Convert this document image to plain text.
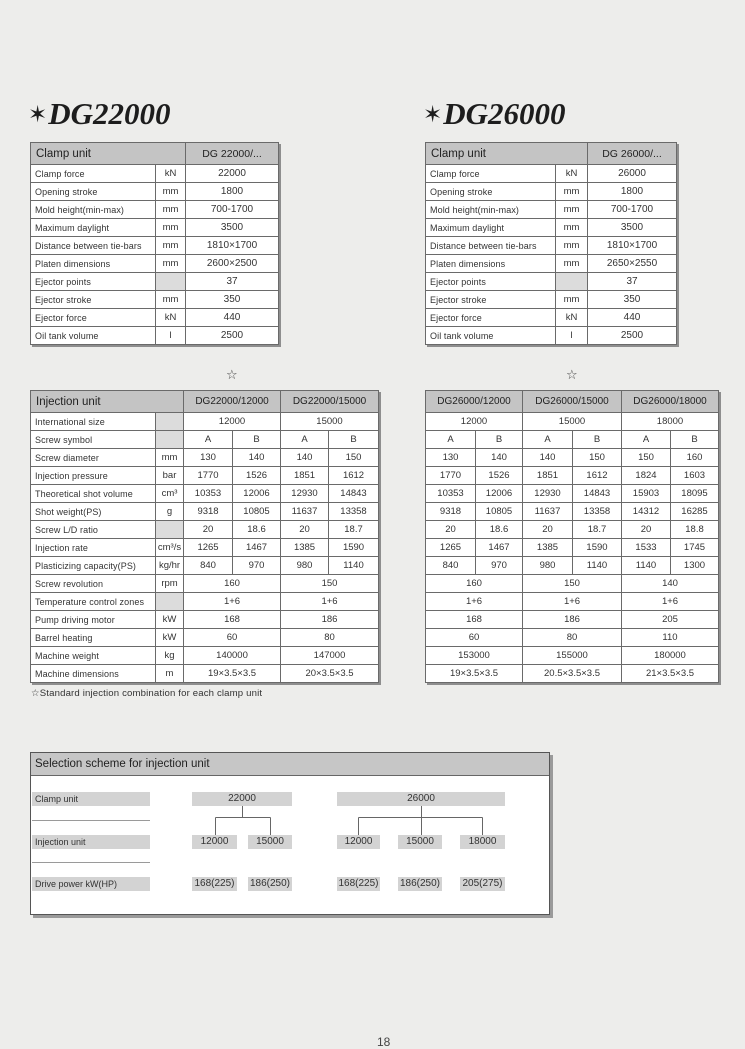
✶DG22000	✶DG26000
Clamp unit		DG 22000/...
Clamp force	kN	22000
Opening stroke	mm	1800
Mold height(min-max)	mm	700-1700
Maximum daylight	mm	3500
Distance between tie-bars	mm	1810×1700
Platen dimensions	mm	2600×2500
Ejector points		37
Ejector stroke	mm	350
Ejector force	kN	440
Oil tank volume	l	2500
Clamp unit		DG 26000/...
Clamp force	kN	26000
Opening stroke	mm	1800
Mold height(min-max)	mm	700-1700
Maximum daylight	mm	3500
Distance between tie-bars	mm	1810×1700
Platen dimensions	mm	2650×2550
Ejector points		37
Ejector stroke	mm	350
Ejector force	kN	440
Oil tank volume	l	2500
☆	☆
Injection unit		DG22000/12000		DG22000/15000	
International size		12000		15000	
Screw symbol		A	B	A	B
Screw diameter	mm	130	140	140	150
Injection pressure	bar	1770	1526	1851	1612
Theoretical shot volume	cm³	10353	12006	12930	14843
Shot weight(PS)	g	9318	10805	11637	13358
Screw L/D ratio		20	18.6	20	18.7
Injection rate	cm³/s	1265	1467	1385	1590
Plasticizing capacity(PS)	kg/hr	840	970	980	1140
Screw revolution	rpm	160		150	
Temperature control zones		1+6		1+6	
Pump driving motor	kW	168		186	
Barrel heating	kW	60		80	
Machine weight	kg	140000		147000	
Machine dimensions	m	19×3.5×3.5		20×3.5×3.5	
DG26000/12000		DG26000/15000		DG26000/18000	
12000		15000		18000	
A	B	A	B	A	B
130	140	140	150	150	160
1770	1526	1851	1612	1824	1603
10353	12006	12930	14843	15903	18095
9318	10805	11637	13358	14312	16285
20	18.6	20	18.7	20	18.8
1265	1467	1385	1590	1533	1745
840	970	980	1140	1140	1300
160		150		140	
1+6		1+6		1+6	
168		186		205	
60		80		110	
153000		155000		180000	
19×3.5×3.5		20.5×3.5×3.5		21×3.5×3.5	
☆Standard injection combination for each clamp unit
Selection scheme for injection unit
Clamp unit
Injection unit
Drive power kW(HP)
22000	26000
12000	15000	12000	15000	18000
168(225) 186(250)	168(225) 186(250) 205(275)
18
